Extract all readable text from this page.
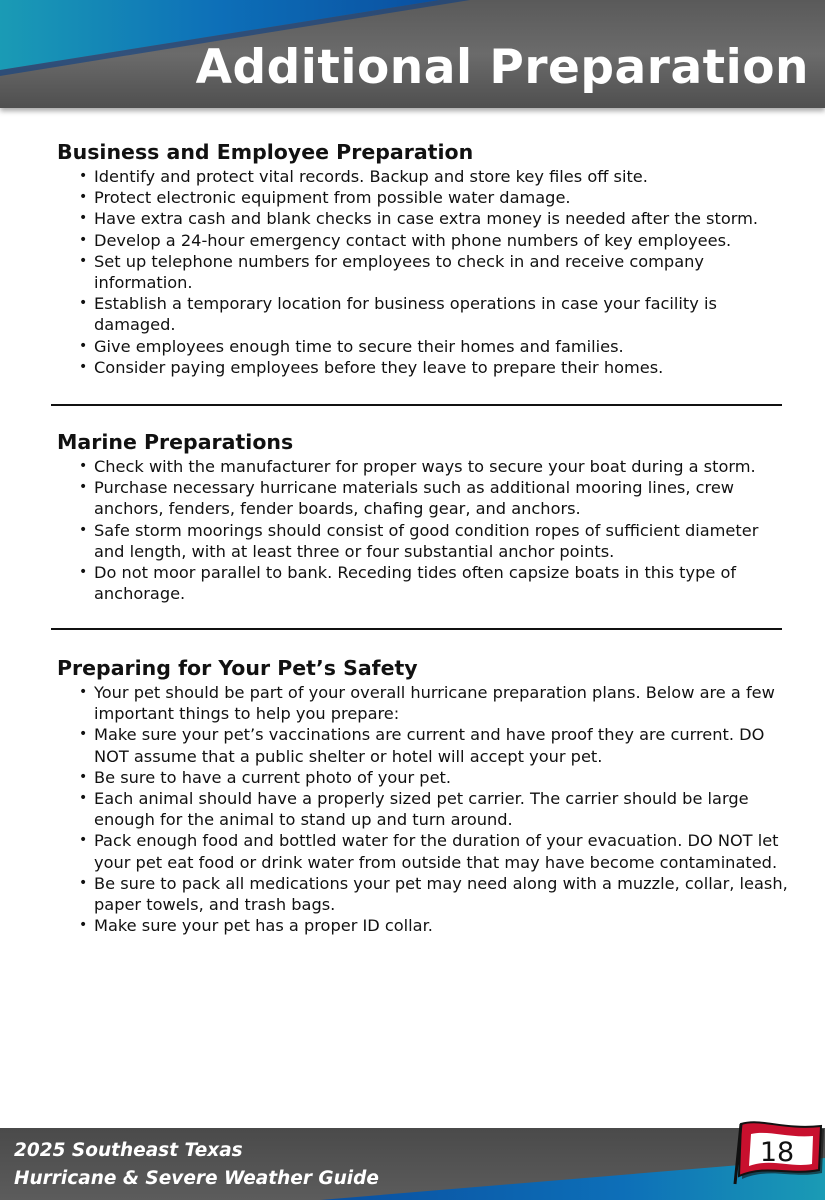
Additional Preparation
Business and Employee Preparation
• Identify and protect vital records. Backup and store key files off site.
• Protect electronic equipment from possible water damage.
• Have extra cash and blank checks in case extra money is needed after the storm.
• Develop a 24-hour emergency contact with phone numbers of key employees.
• Set up telephone numbers for employees to check in and receive company information.
• Establish a temporary location for business operations in case your facility is damaged.
• Give employees enough time to secure their homes and families.
• Consider paying employees before they leave to prepare their homes.
Marine Preparations
• Check with the manufacturer for proper ways to secure your boat during a storm.
• Purchase necessary hurricane materials such as additional mooring lines, crew anchors, fenders, fender boards, chafing gear, and anchors.
• Safe storm moorings should consist of good condition ropes of sufficient diameter and length, with at least three or four substantial anchor points.
• Do not moor parallel to bank. Receding tides often capsize boats in this type of anchorage.
Preparing for Your Pet’s Safety
• Your pet should be part of your overall hurricane preparation plans. Below are a few important things to help you prepare:
• Make sure your pet’s vaccinations are current and have proof they are current. DO NOT assume that a public shelter or hotel will accept your pet.
• Be sure to have a current photo of your pet.
• Each animal should have a properly sized pet carrier. The carrier should be large enough for the animal to stand up and turn around.
• Pack enough food and bottled water for the duration of your evacuation. DO NOT let your pet eat food or drink water from outside that may have become contaminated.
• Be sure to pack all medications your pet may need along with a muzzle, collar, leash, paper towels, and trash bags.
• Make sure your pet has a proper ID collar.
2025 Southeast Texas
Hurricane & Severe Weather Guide
18
